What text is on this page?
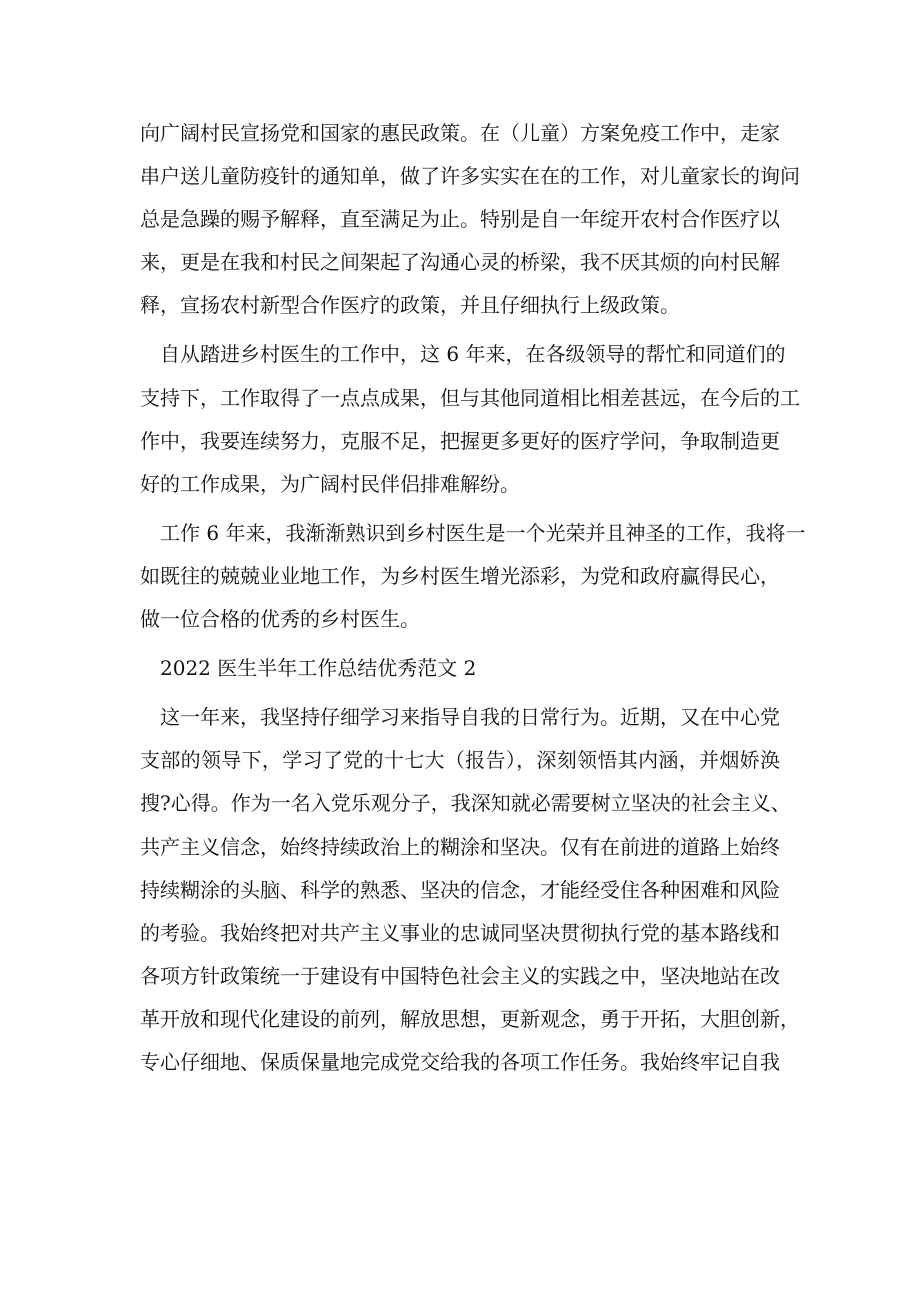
向广阔村民宣扬党和国家的惠民政策。在（儿童）方案免疫工作中，走家
串户送儿童防疫针的通知单，做了许多实实在在的工作，对儿童家长的询问
总是急躁的赐予解释，直至满足为止。特别是自一年绽开农村合作医疗以
来，更是在我和村民之间架起了沟通心灵的桥梁，我不厌其烦的向村民解
释，宣扬农村新型合作医疗的政策，并且仔细执行上级政策。
自从踏进乡村医生的工作中，这 6 年来，在各级领导的帮忙和同道们的
支持下，工作取得了一点点成果，但与其他同道相比相差甚远，在今后的工
作中，我要连续努力，克服不足，把握更多更好的医疗学问，争取制造更
好的工作成果，为广阔村民伴侣排难解纷。
工作 6 年来，我渐渐熟识到乡村医生是一个光荣并且神圣的工作，我将一
如既往的兢兢业业地工作，为乡村医生增光添彩，为党和政府赢得民心，
做一位合格的优秀的乡村医生。
2022 医生半年工作总结优秀范文 2
这一年来，我坚持仔细学习来指导自我的日常行为。近期，又在中心党
支部的领导下，学习了党的十七大（报告），深刻领悟其内涵，并烟娇涣
搜?心得。作为一名入党乐观分子，我深知就必需要树立坚决的社会主义、
共产主义信念，始终持续政治上的糊涂和坚决。仅有在前进的道路上始终
持续糊涂的头脑、科学的熟悉、坚决的信念，才能经受住各种困难和风险
的考验。我始终把对共产主义事业的忠诚同坚决贯彻执行党的基本路线和
各项方针政策统一于建设有中国特色社会主义的实践之中，坚决地站在改
革开放和现代化建设的前列，解放思想，更新观念，勇于开拓，大胆创新，
专心仔细地、保质保量地完成党交给我的各项工作任务。我始终牢记自我
